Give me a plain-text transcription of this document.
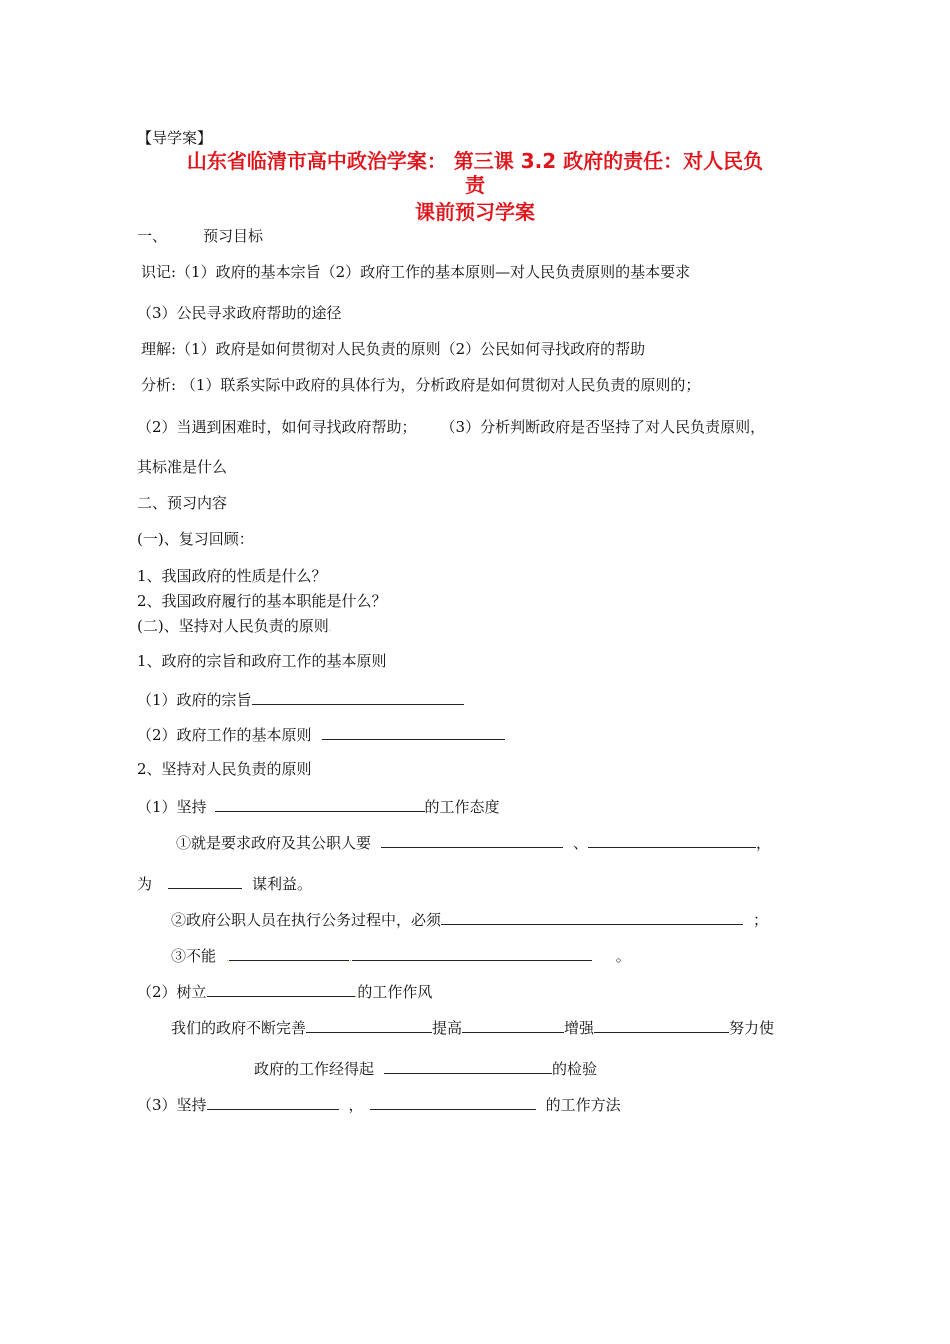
【导学案】
山东省临清市高中政治学案： 第三课 3.2 政府的责任：对人民负
责
课前预习学案
一、 预习目标
识记:（1）政府的基本宗旨（2）政府工作的基本原则—对人民负责原则的基本要求
（3）公民寻求政府帮助的途径
理解:（1）政府是如何贯彻对人民负责的原则（2）公民如何寻找政府的帮助
分析: （1）联系实际中政府的具体行为，分析政府是如何贯彻对人民负责的原则的；
（2）当遇到困难时，如何寻找政府帮助； （3）分析判断政府是否坚持了对人民负责原则，
其标准是什么
二、预习内容
(一)、复习回顾：
1、我国政府的性质是什么？
2、我国政府履行的基本职能是什么？
(二)、坚持对人民负责的原则.
1、政府的宗旨和政府工作的基本原则
（1）政府的宗旨
（2）政府工作的基本原则
2、坚持对人民负责的原则
（1）坚持	的工作态度
①就是要求政府及其公职人要	、	，
为	谋利益。
②政府公职人员在执行公务过程中，必须	；
③不能 .	.	。
（2）树立	.的工作作风
我们的政府不断完善	提高	增强	努力使
政府的工作经得起	的检验
（3）坚持	，	的工作方法
